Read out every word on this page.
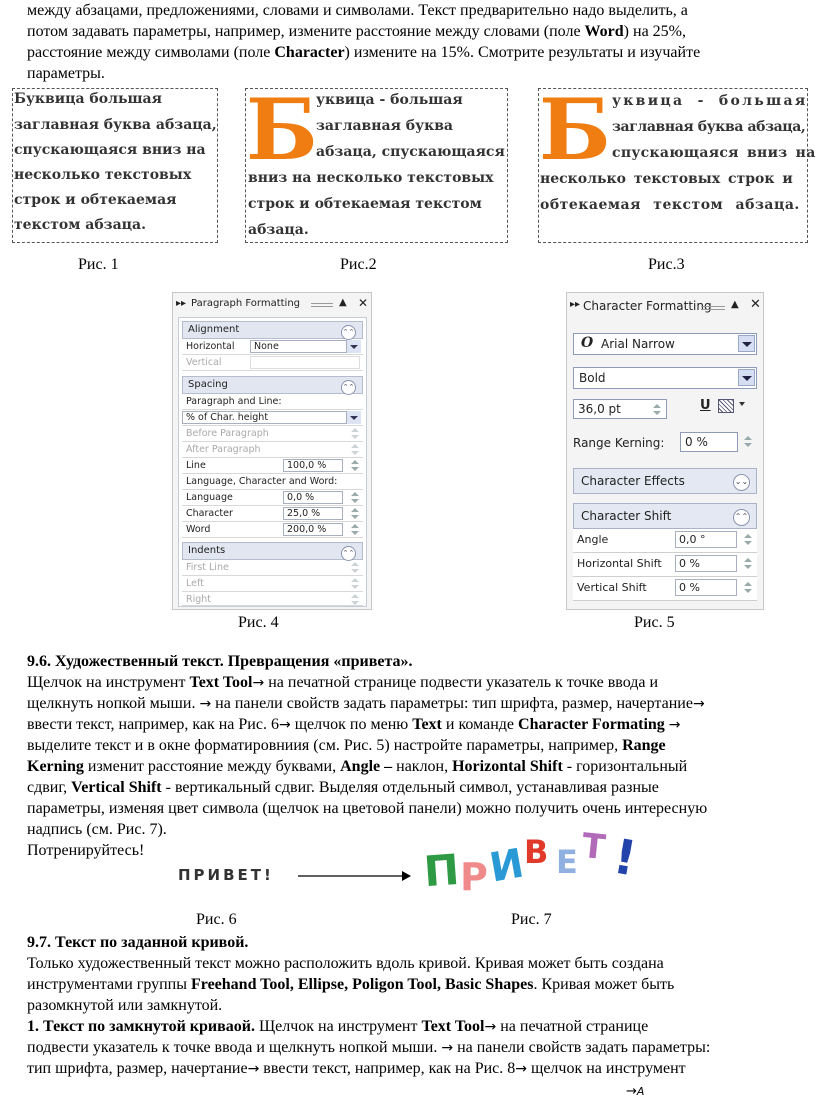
между абзацами, предложениями, словами и символами. Текст предварительно надо выделить, а
потом задавать параметры, например, измените расстояние между словами (поле Word) на 25%,
расстояние между символами (поле Character) измените на 15%. Смотрите результаты и изучайте
параметры.
Буквица большая
заглавная буква абзаца,
спускающаяся вниз на
несколько текстовых
строк и обтекаемая
текстом абзаца.
Б
уквица - большая
заглавная буква
абзаца, спускающаяся
вниз на несколько текстовых
строк и обтекаемая текстом
абзаца.
Б уквица - большая
заглавная буква абзаца,
спускающаяся вниз на
несколько текстовых строк и
обтекаемая текстом абзаца.
Рис. 1	Рис.2	Рис.3
▸▸ Paragraph Formatting	▲ ✕
Alignment	⌃⌃
Horizontal	None
Vertical
Spacing	⌃⌃
Paragraph and Line:
% of Char. height
Before Paragraph
After Paragraph
Line	100,0 %
Language, Character and Word:
Language	0,0 %
Character	25,0 %
Word	200,0 %
Indents	⌃⌃
First Line
Left
Right
Рис. 4
▸▸ Character Formatting ▲ ✕
O Arial Narrow
Bold
36,0 pt	U
Range Kerning: 0 %
Character Effects	⌄⌄
Character Shift	⌃⌃
Angle	0,0 °
Horizontal Shift	0 %
Vertical Shift	0 %
Рис. 5
9.6. Художественный текст. Превращения «привета».
Щелчок на инструмент Text Tool→ на печатной странице подвести указатель к точке ввода и
щелкнуть нопкой мыши. → на панели свойств задать параметры: тип шрифта, размер, начертание→
ввести текст, например, как на Рис. 6→ щелчок по меню Text и команде Character Formating →
выделите текст и в окне форматировниия (см. Рис. 5) настройте параметры, например, Range
Kerning изменит расстояние между буквами, Angle – наклон, Horizontal Shift - горизонтальный
сдвиг, Vertical Shift - вертикальный сдвиг. Выделяя отдельный символ, устанавливая разные
параметры, изменяя цвет символа (щелчок на цветовой панели) можно получить очень интересную
надпись (см. Рис. 7).
Потренируйтесь!
ПРИВЕТ!	П Р
И
В Е Т !
Рис. 6	Рис. 7
9.7. Текст по заданной кривой.
Только художественный текст можно расположить вдоль кривой. Кривая может быть создана
инструментами группы Freehand Tool, Ellipse, Poligon Tool, Basic Shapes. Кривая может быть
разомкнутой или замкнутой.
1. Текст по замкнутой криваой. Щелчок на инструмент Text Tool→ на печатной странице
подвести указатель к точке ввода и щелкнуть нопкой мыши. → на панели свойств задать параметры:
тип шрифта, размер, начертание→ ввести текст, например, как на Рис. 8→ щелчок на инструмент
→A
